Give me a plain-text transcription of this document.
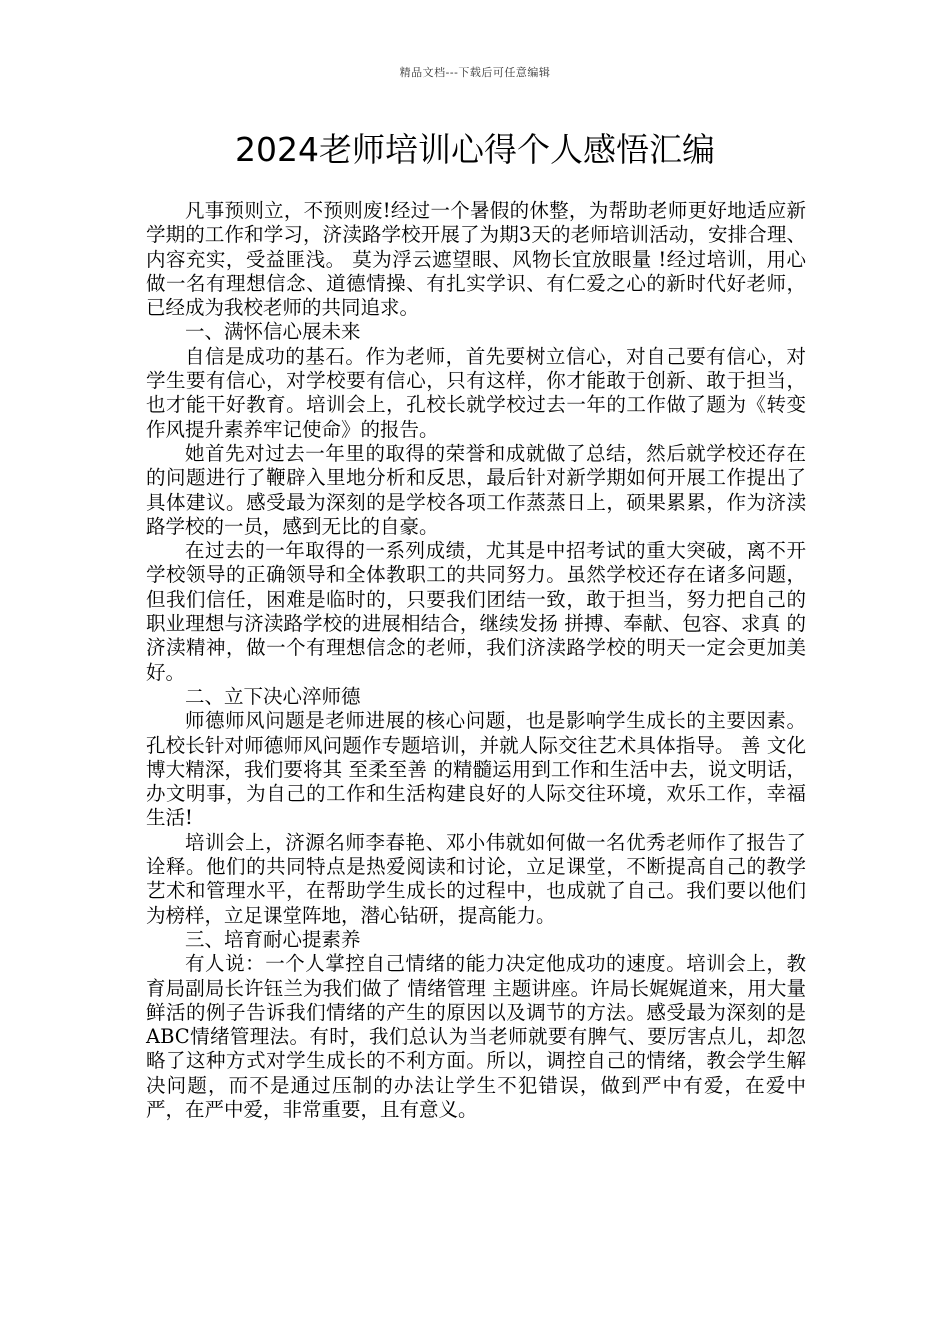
精品文档---下载后可任意编辑
2024老师培训心得个人感悟汇编

凡事预则立，不预则废!经过一个暑假的休整，为帮助老师更好地适应新学期的工作和学习，济渎路学校开展了为期3天的老师培训活动，安排合理、内容充实，受益匪浅。 莫为浮云遮望眼、风物长宜放眼量 !经过培训，用心做一名有理想信念、道德情操、有扎实学识、有仁爱之心的新时代好老师，已经成为我校老师的共同追求。

一、满怀信心展未来

自信是成功的基石。作为老师，首先要树立信心，对自己要有信心，对学生要有信心，对学校要有信心，只有这样，你才能敢于创新、敢于担当，也才能干好教育。培训会上，孔校长就学校过去一年的工作做了题为《转变作风提升素养牢记使命》的报告。

她首先对过去一年里的取得的荣誉和成就做了总结，然后就学校还存在的问题进行了鞭辟入里地分析和反思，最后针对新学期如何开展工作提出了具体建议。感受最为深刻的是学校各项工作蒸蒸日上，硕果累累，作为济渎路学校的一员，感到无比的自豪。

在过去的一年取得的一系列成绩，尤其是中招考试的重大突破，离不开学校领导的正确领导和全体教职工的共同努力。虽然学校还存在诸多问题，但我们信任，困难是临时的，只要我们团结一致，敢于担当，努力把自己的职业理想与济渎路学校的进展相结合，继续发扬 拼搏、奉献、包容、求真 的济渎精神，做一个有理想信念的老师，我们济渎路学校的明天一定会更加美好。

二、立下决心淬师德

师德师风问题是老师进展的核心问题，也是影响学生成长的主要因素。孔校长针对师德师风问题作专题培训，并就人际交往艺术具体指导。 善 文化博大精深，我们要将其 至柔至善 的精髓运用到工作和生活中去，说文明话，办文明事，为自己的工作和生活构建良好的人际交往环境，欢乐工作，幸福生活!

培训会上，济源名师李春艳、邓小伟就如何做一名优秀老师作了报告了诠释。他们的共同特点是热爱阅读和讨论，立足课堂，不断提高自己的教学艺术和管理水平，在帮助学生成长的过程中，也成就了自己。我们要以他们为榜样，立足课堂阵地，潜心钻研，提高能力。

三、培育耐心提素养

有人说：一个人掌控自己情绪的能力决定他成功的速度。培训会上，教育局副局长许钰兰为我们做了 情绪管理 主题讲座。许局长娓娓道来，用大量鲜活的例子告诉我们情绪的产生的原因以及调节的方法。感受最为深刻的是ABC情绪管理法。有时，我们总认为当老师就要有脾气、要厉害点儿，却忽略了这种方式对学生成长的不利方面。所以，调控自己的情绪，教会学生解决问题，而不是通过压制的办法让学生不犯错误，做到严中有爱，在爱中严，在严中爱，非常重要，且有意义。
